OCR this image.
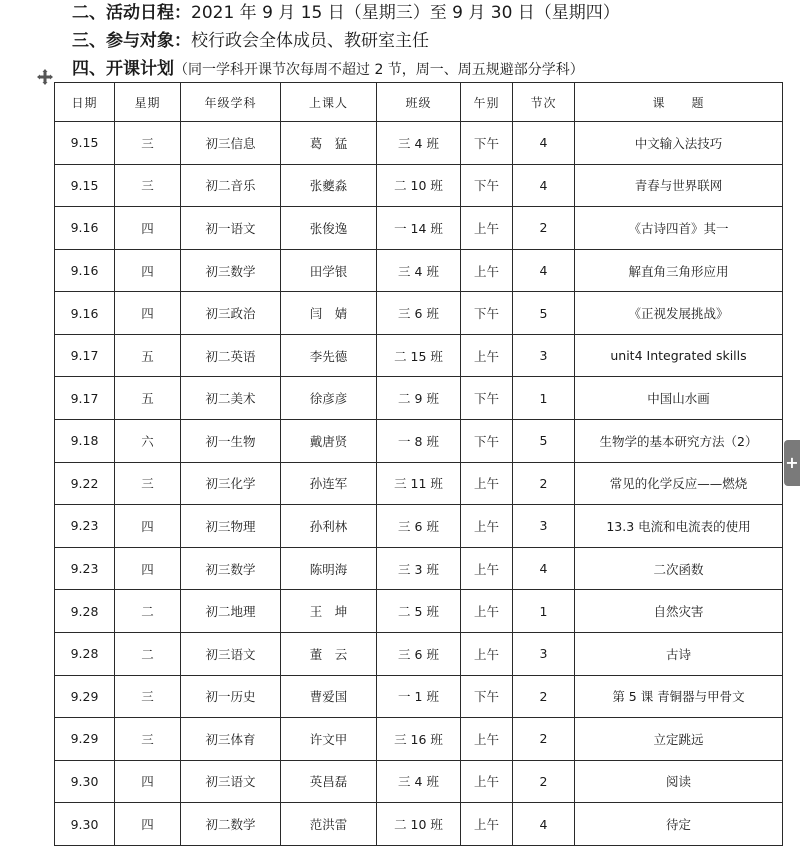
二、活动日程：2021 年 9 月 15 日（星期三）至 9 月 30 日（星期四）
三、参与对象：校行政会全体成员、教研室主任
四、开课计划（同一学科开课节次每周不超过 2 节，周一、周五规避部分学科）
日期	星期	年级学科	上课人	班级	午别	节次	课　　题
9.15	三	初三信息	葛　猛	三 4 班	下午	4	中文输入法技巧
9.15	三	初二音乐	张夔淼	二 10 班	下午	4	青春与世界联网
9.16	四	初一语文	张俊逸	一 14 班	上午	2	《古诗四首》其一
9.16	四	初三数学	田学银	三 4 班	上午	4	解直角三角形应用
9.16	四	初三政治	闫　婧	三 6 班	下午	5	《正视发展挑战》
9.17	五	初二英语	李先德	二 15 班	上午	3	unit4 Integrated skills
9.17	五	初二美术	徐彦彦	二 9 班	下午	1	中国山水画
9.18	六	初一生物	戴唐贤	一 8 班	下午	5	生物学的基本研究方法（2）
9.22	三	初三化学	孙连军	三 11 班	上午	2	常见的化学反应——燃烧
9.23	四	初三物理	孙利林	三 6 班	上午	3	13.3 电流和电流表的使用
9.23	四	初三数学	陈明海	三 3 班	上午	4	二次函数
9.28	二	初二地理	王　坤	二 5 班	上午	1	自然灾害
9.28	二	初三语文	董　云	三 6 班	上午	3	古诗
9.29	三	初一历史	曹爱国	一 1 班	下午	2	第 5 课 青铜器与甲骨文
9.29	三	初三体育	许文甲	三 16 班	上午	2	立定跳远
9.30	四	初三语文	英昌磊	三 4 班	上午	2	阅读
9.30	四	初二数学	范洪雷	二 10 班	上午	4	待定
+
